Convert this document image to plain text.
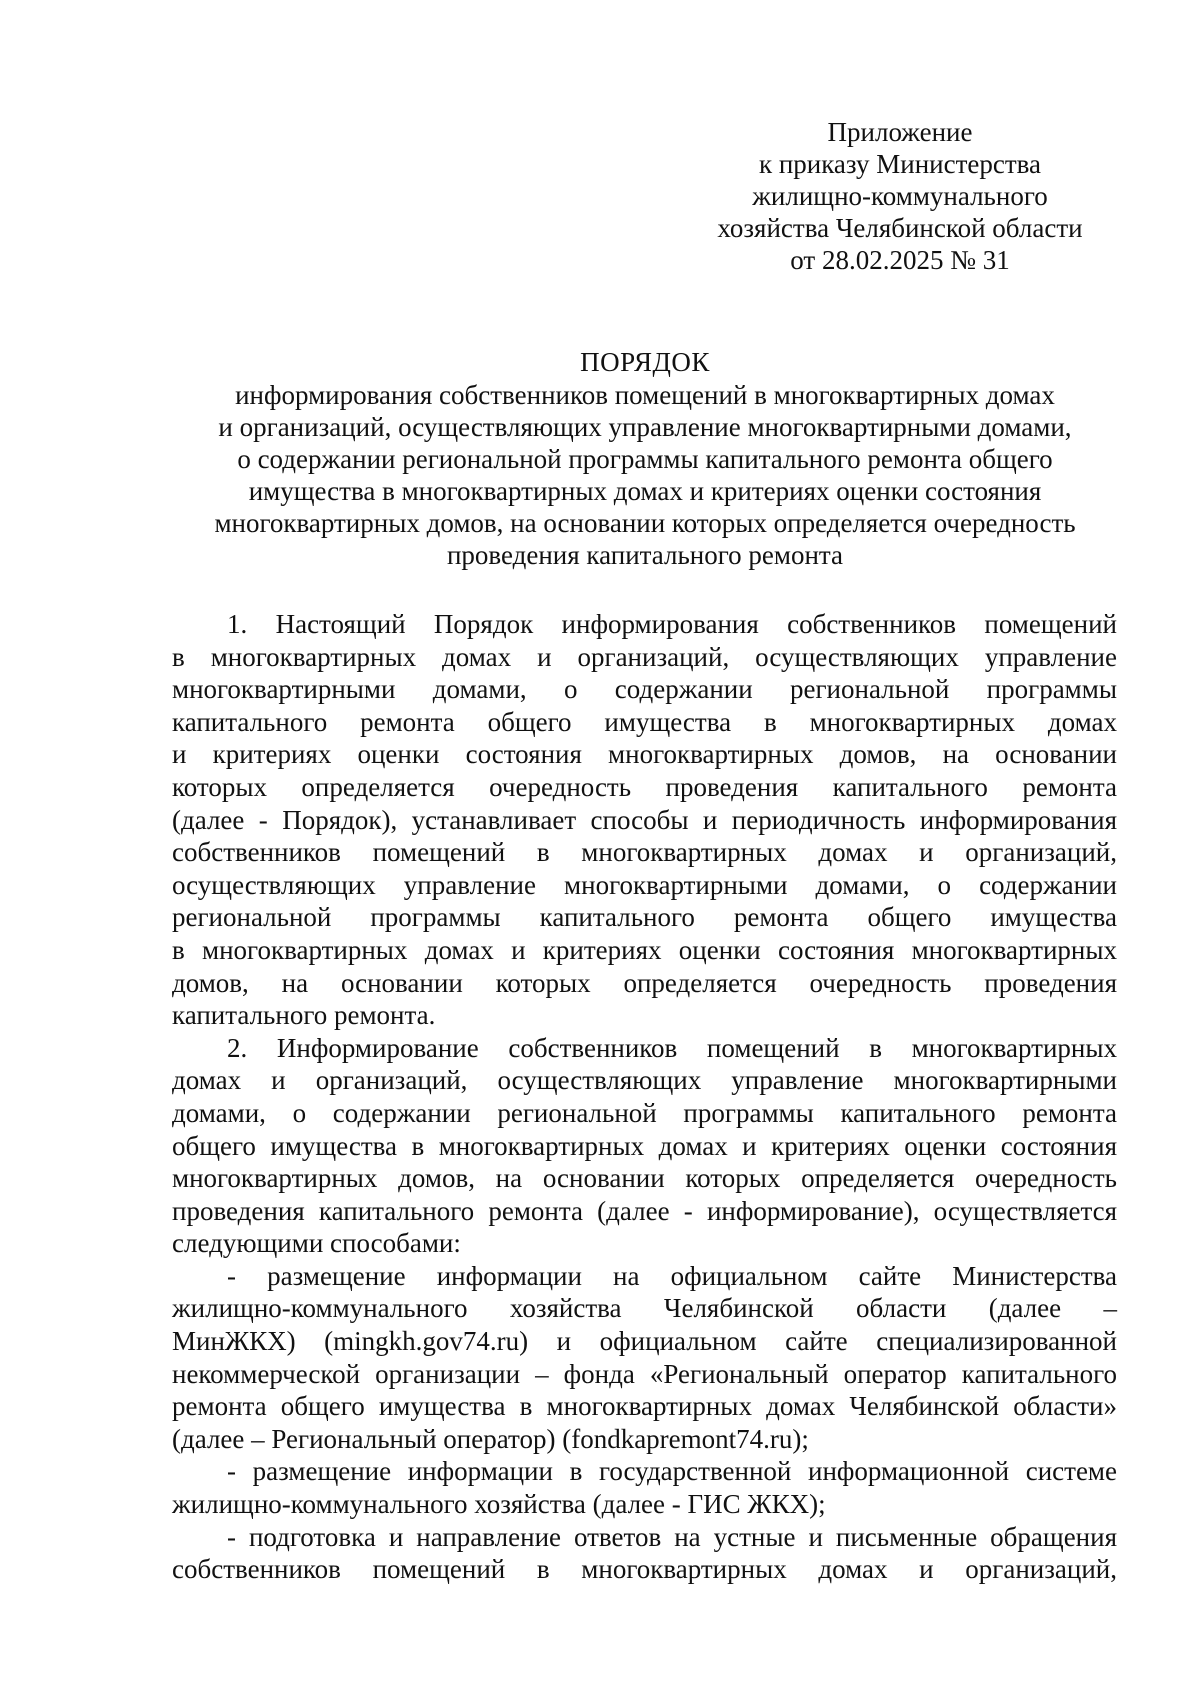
Приложение
к приказу Министерства
жилищно-коммунального
хозяйства Челябинской области
от 28.02.2025 № 31
ПОРЯДОК
информирования собственников помещений в многоквартирных домах
и организаций, осуществляющих управление многоквартирными домами,
о содержании региональной программы капитального ремонта общего
имущества в многоквартирных домах и критериях оценки состояния
многоквартирных домов, на основании которых определяется очередность
проведения капитального ремонта
1. Настоящий Порядок информирования собственников помещений
в многоквартирных домах и организаций, осуществляющих управление
многоквартирными домами, о содержании региональной программы
капитального ремонта общего имущества в многоквартирных домах
и критериях оценки состояния многоквартирных домов, на основании
которых определяется очередность проведения капитального ремонта
(далее - Порядок), устанавливает способы и периодичность информирования
собственников помещений в многоквартирных домах и организаций,
осуществляющих управление многоквартирными домами, о содержании
региональной программы капитального ремонта общего имущества
в многоквартирных домах и критериях оценки состояния многоквартирных
домов, на основании которых определяется очередность проведения
капитального ремонта.
2. Информирование собственников помещений в многоквартирных
домах и организаций, осуществляющих управление многоквартирными
домами, о содержании региональной программы капитального ремонта
общего имущества в многоквартирных домах и критериях оценки состояния
многоквартирных домов, на основании которых определяется очередность
проведения капитального ремонта (далее - информирование), осуществляется
следующими способами:
- размещение информации на официальном сайте Министерства
жилищно-коммунального хозяйства Челябинской области (далее –
МинЖКХ) (mingkh.gov74.ru) и официальном сайте специализированной
некоммерческой организации – фонда «Региональный оператор капитального
ремонта общего имущества в многоквартирных домах Челябинской области»
(далее – Региональный оператор) (fondkapremont74.ru);
- размещение информации в государственной информационной системе
жилищно-коммунального хозяйства (далее - ГИС ЖКХ);
- подготовка и направление ответов на устные и письменные обращения
собственников помещений в многоквартирных домах и организаций,
